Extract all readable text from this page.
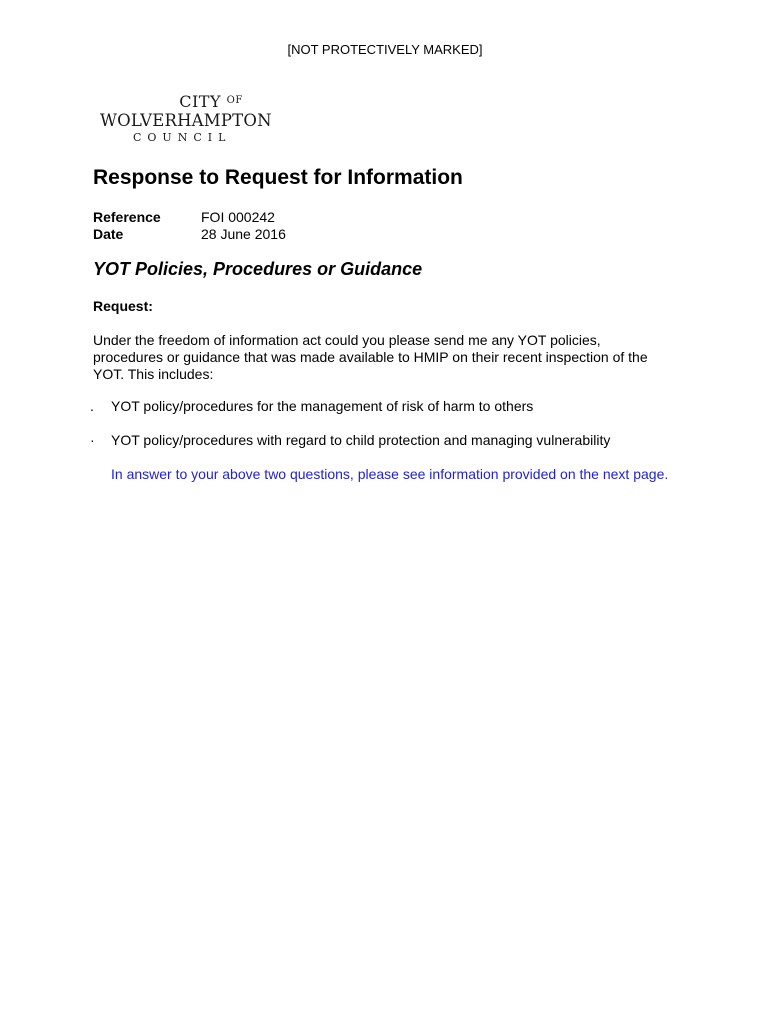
[NOT PROTECTIVELY MARKED]
CITY $^{OF}$
WOLVERHAMPTON
COUNCIL
Response to Request for Information
Reference	FOI 000242
Date	28 June 2016
YOT Policies, Procedures or Guidance
Request:
Under the freedom of information act could you please send me any YOT policies, procedures or guidance that was made available to HMIP on their recent inspection of the YOT. This includes:
.	YOT policy/procedures for the management of risk of harm to others
·	YOT policy/procedures with regard to child protection and managing vulnerability
In answer to your above two questions, please see information provided on the next page.
